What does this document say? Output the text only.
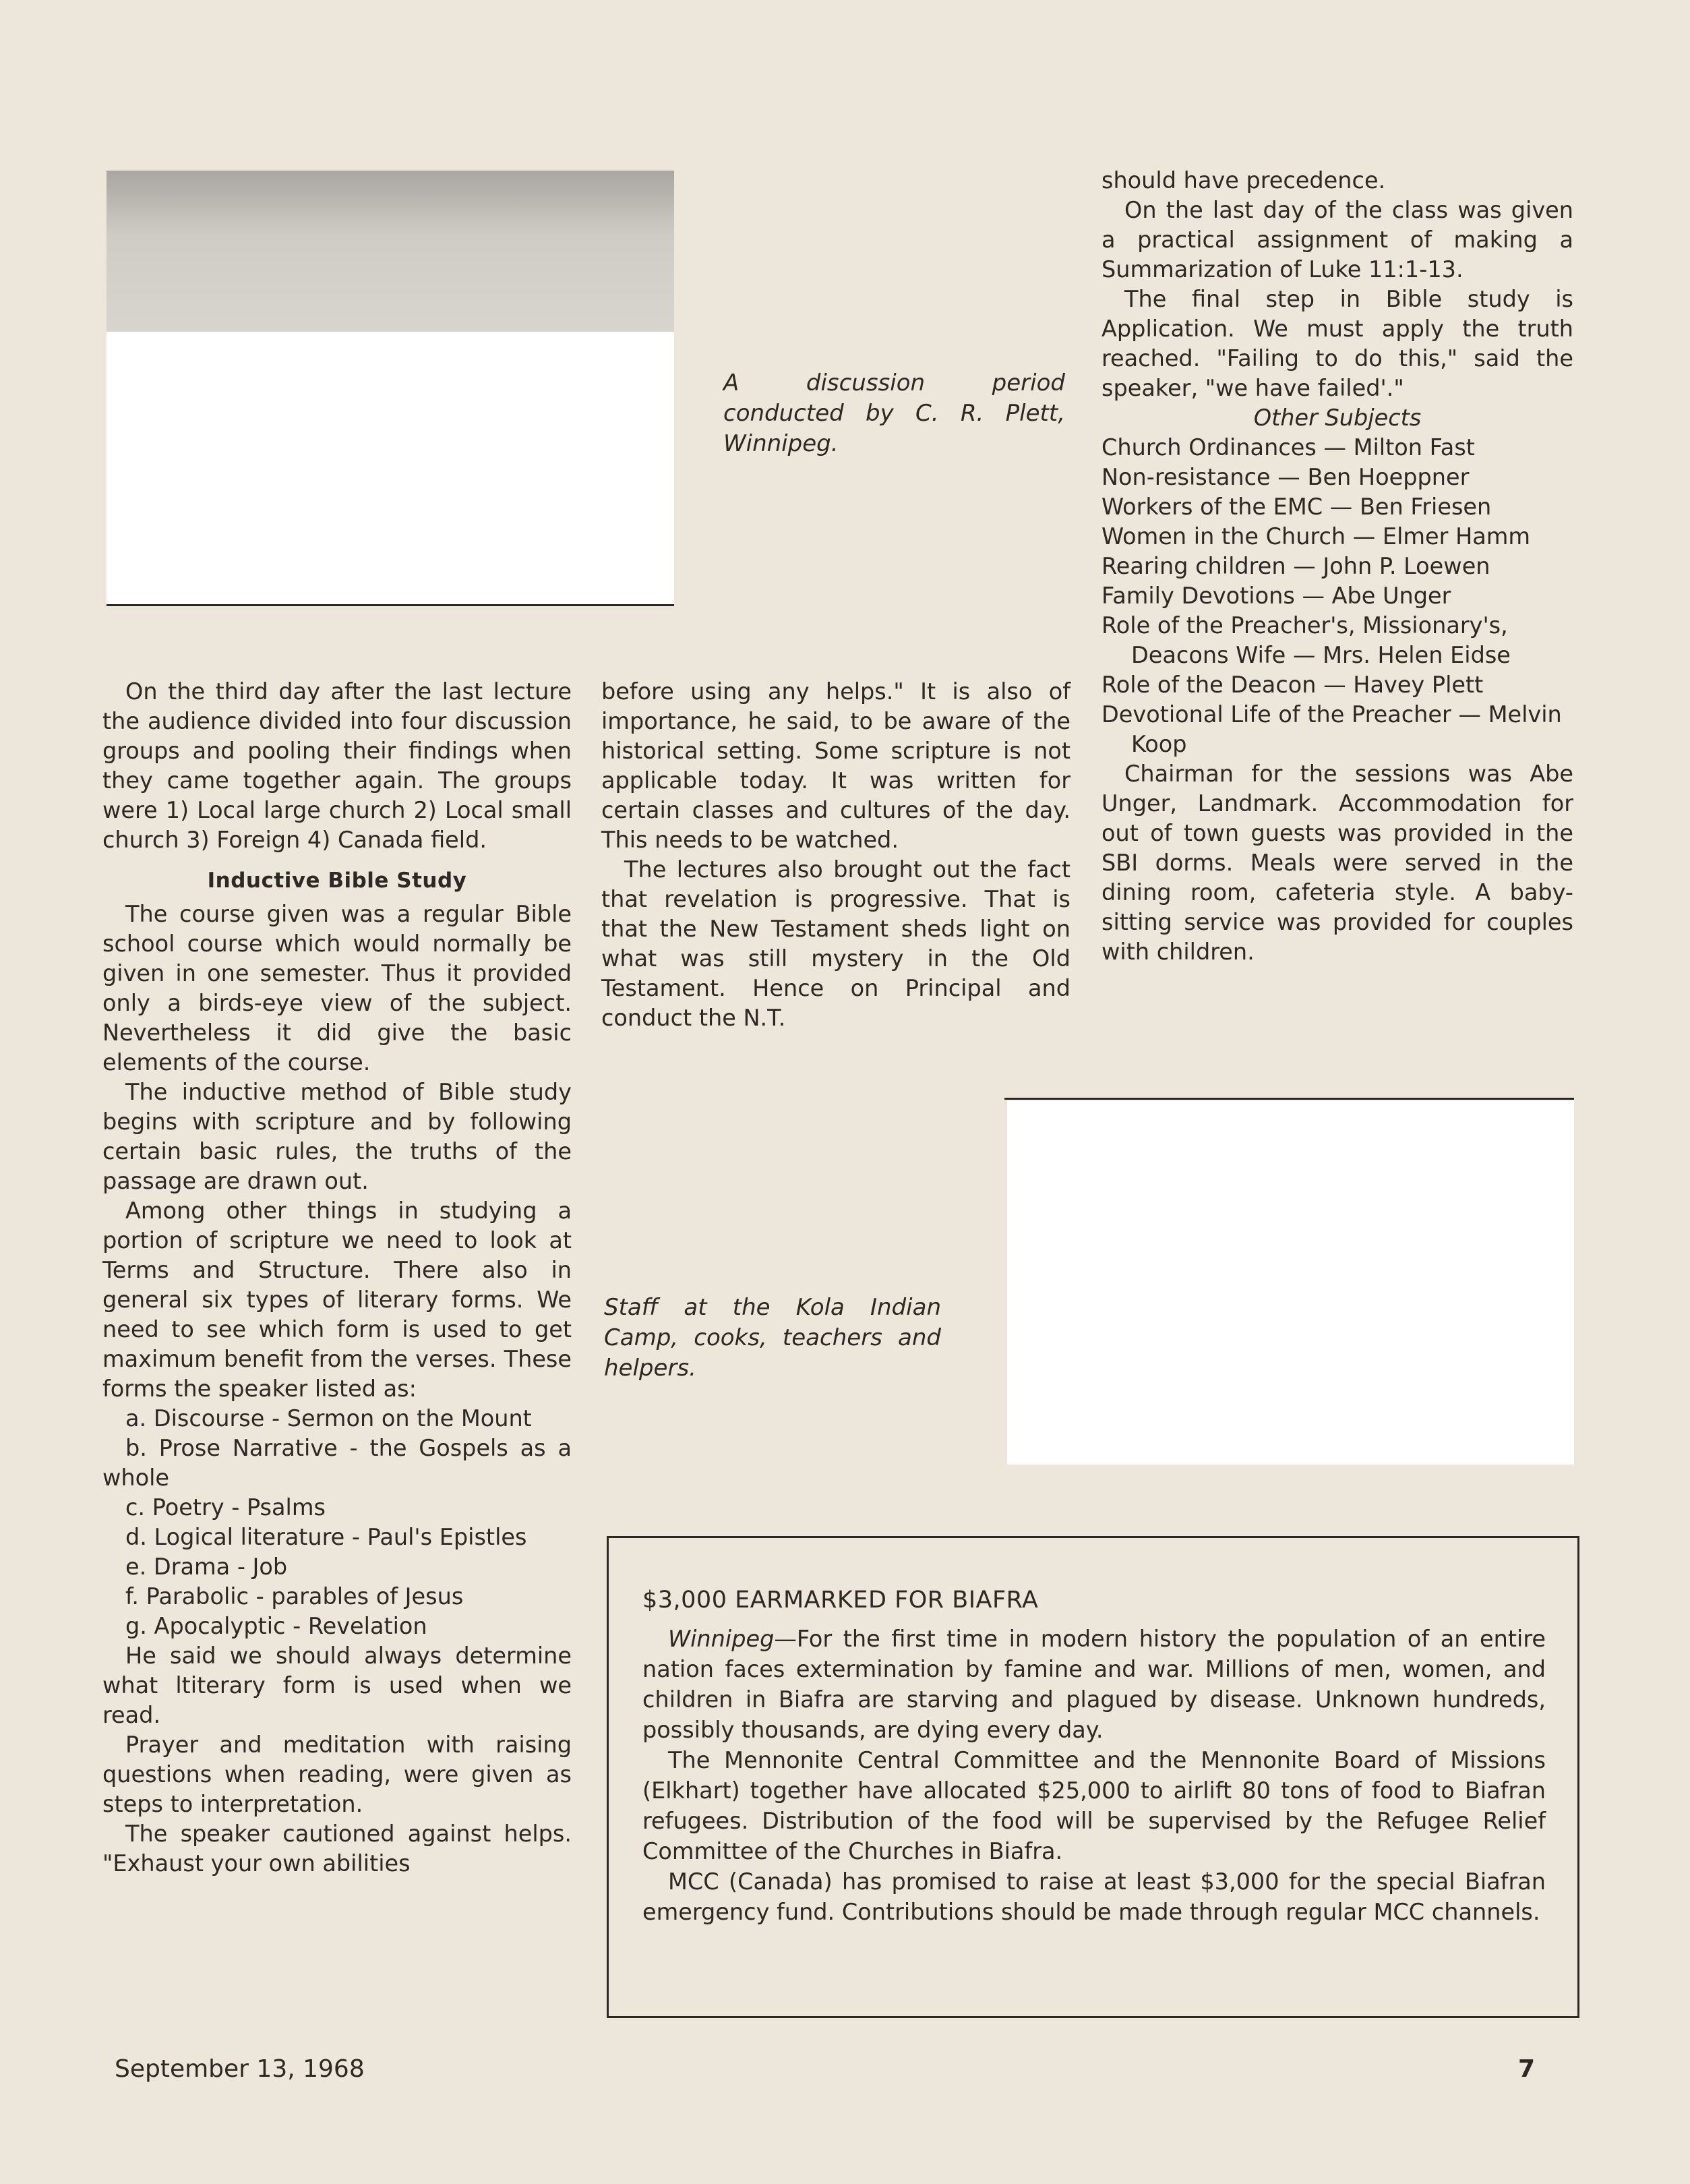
A discussion period conducted by C. R. Plett, Winnipeg.

On the third day after the last lecture the audience divided into four discussion groups and pooling their findings when they came together again. The groups were 1) Local large church 2) Local small church 3) Foreign 4) Canada field.

Inductive Bible Study

The course given was a regular Bible school course which would normally be given in one semester. Thus it provided only a birds-eye view of the subject. Nevertheless it did give the basic elements of the course.

The inductive method of Bible study begins with scripture and by following certain basic rules, the truths of the passage are drawn out.

Among other things in studying a portion of scripture we need to look at Terms and Structure. There also in general six types of literary forms. We need to see which form is used to get maximum benefit from the verses. These forms the speaker listed as:

a. Discourse - Sermon on the Mount

b. Prose Narrative - the Gospels as a whole

c. Poetry - Psalms

d. Logical literature - Paul's Epistles

e. Drama - Job

f. Parabolic - parables of Jesus

g. Apocalyptic - Revelation

He said we should always determine what ltiterary form is used when we read.

Prayer and meditation with raising questions when reading, were given as steps to interpretation.

The speaker cautioned against helps. "Exhaust your own abilities

before using any helps." It is also of importance, he said, to be aware of the historical setting. Some scripture is not applicable today. It was written for certain classes and cultures of the day. This needs to be watched.

The lectures also brought out the fact that revelation is progressive. That is that the New Testament sheds light on what was still mystery in the Old Testament. Hence on Principal and conduct the N.T.

should have precedence.

On the last day of the class was given a practical assignment of making a Summarization of Luke 11:1-13.

The final step in Bible study is Application. We must apply the truth reached. "Failing to do this," said the speaker, "we have failed'."

Other Subjects

Church Ordinances — Milton Fast

Non-resistance — Ben Hoeppner

Workers of the EMC — Ben Friesen

Women in the Church — Elmer Hamm

Rearing children — John P. Loewen

Family Devotions — Abe Unger

Role of the Preacher's, Missionary's, Deacons Wife — Mrs. Helen Eidse

Role of the Deacon — Havey Plett

Devotional Life of the Preacher — Melvin Koop

Chairman for the sessions was Abe Unger, Landmark. Accommodation for out of town guests was provided in the SBI dorms. Meals were served in the dining room, cafeteria style. A baby-sitting service was provided for couples with children.

Staff at the Kola Indian Camp, cooks, teachers and helpers.
$3,000 EARMARKED FOR BIAFRA

Winnipeg—For the first time in modern history the population of an entire nation faces extermination by famine and war. Millions of men, women, and children in Biafra are starving and plagued by disease. Unknown hundreds, possibly thousands, are dying every day.

The Mennonite Central Committee and the Mennonite Board of Missions (Elkhart) together have allocated $25,000 to airlift 80 tons of food to Biafran refugees. Distribution of the food will be supervised by the Refugee Relief Committee of the Churches in Biafra.

MCC (Canada) has promised to raise at least $3,000 for the special Biafran emergency fund. Contributions should be made through regular MCC channels.

September 13, 1968	7
